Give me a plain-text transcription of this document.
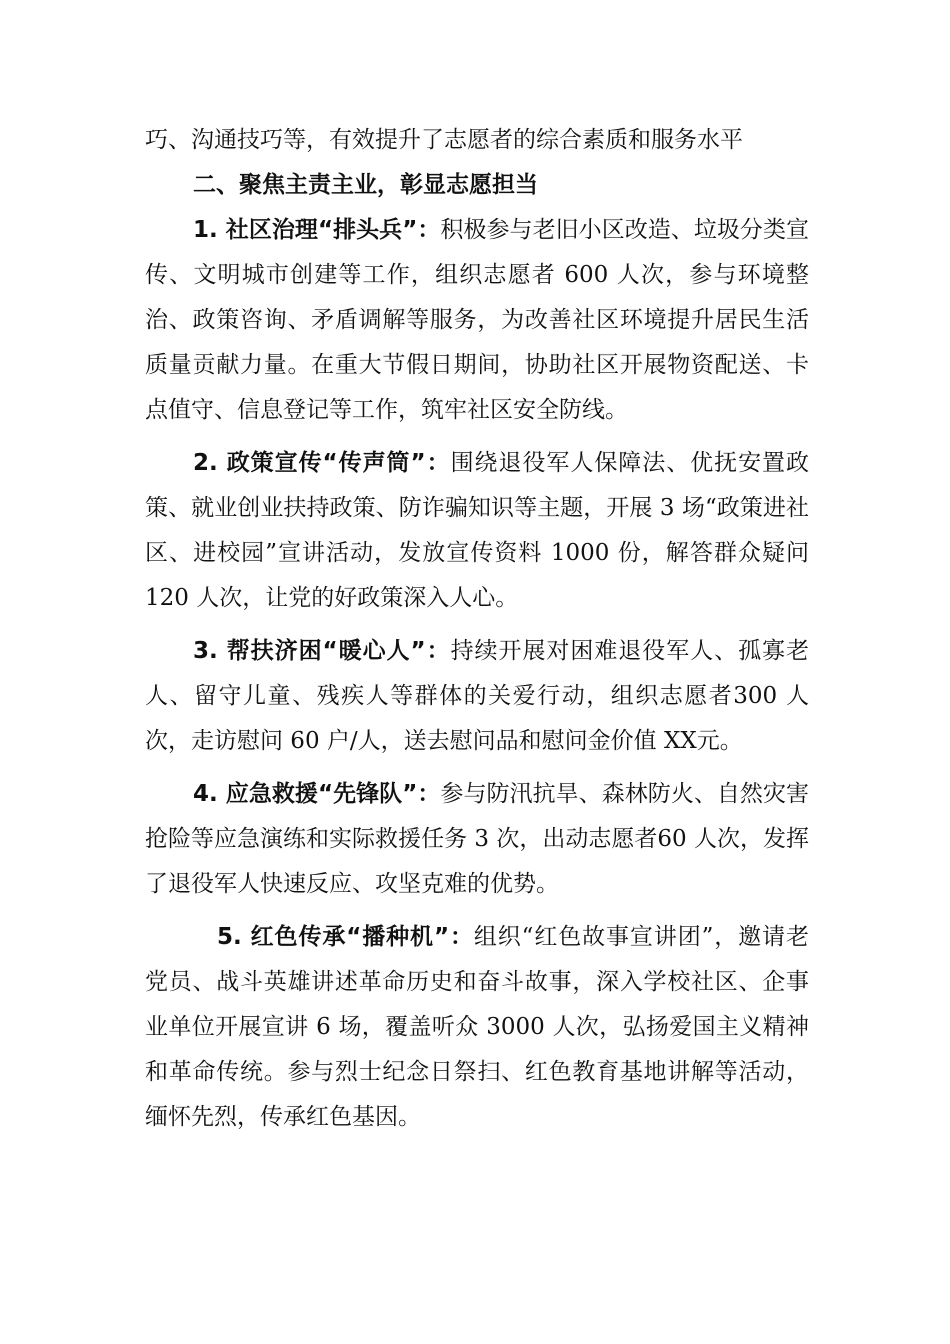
巧、沟通技巧等，有效提升了志愿者的综合素质和服务水平

二、聚焦主责主业，彰显志愿担当

1. 社区治理“排头兵”：积极参与老旧小区改造、垃圾分类宣传、文明城市创建等工作，组织志愿者 600 人次，参与环境整治、政策咨询、矛盾调解等服务，为改善社区环境提升居民生活质量贡献力量。在重大节假日期间，协助社区开展物资配送、卡点值守、信息登记等工作，筑牢社区安全防线。

2. 政策宣传“传声筒”：围绕退役军人保障法、优抚安置政策、就业创业扶持政策、防诈骗知识等主题，开展 3 场“政策进社区、进校园”宣讲活动，发放宣传资料 1000 份，解答群众疑问 120 人次，让党的好政策深入人心。

3. 帮扶济困“暖心人”：持续开展对困难退役军人、孤寡老人、留守儿童、残疾人等群体的关爱行动，组织志愿者300 人次，走访慰问 60 户/人，送去慰问品和慰问金价值 XX元。

4. 应急救援“先锋队”：参与防汛抗旱、森林防火、自然灾害抢险等应急演练和实际救援任务 3 次，出动志愿者60 人次，发挥了退役军人快速反应、攻坚克难的优势。

5. 红色传承“播种机”：组织“红色故事宣讲团”，邀请老党员、战斗英雄讲述革命历史和奋斗故事，深入学校社区、企事业单位开展宣讲 6 场，覆盖听众 3000 人次，弘扬爱国主义精神和革命传统。参与烈士纪念日祭扫、红色教育基地讲解等活动，缅怀先烈，传承红色基因。
